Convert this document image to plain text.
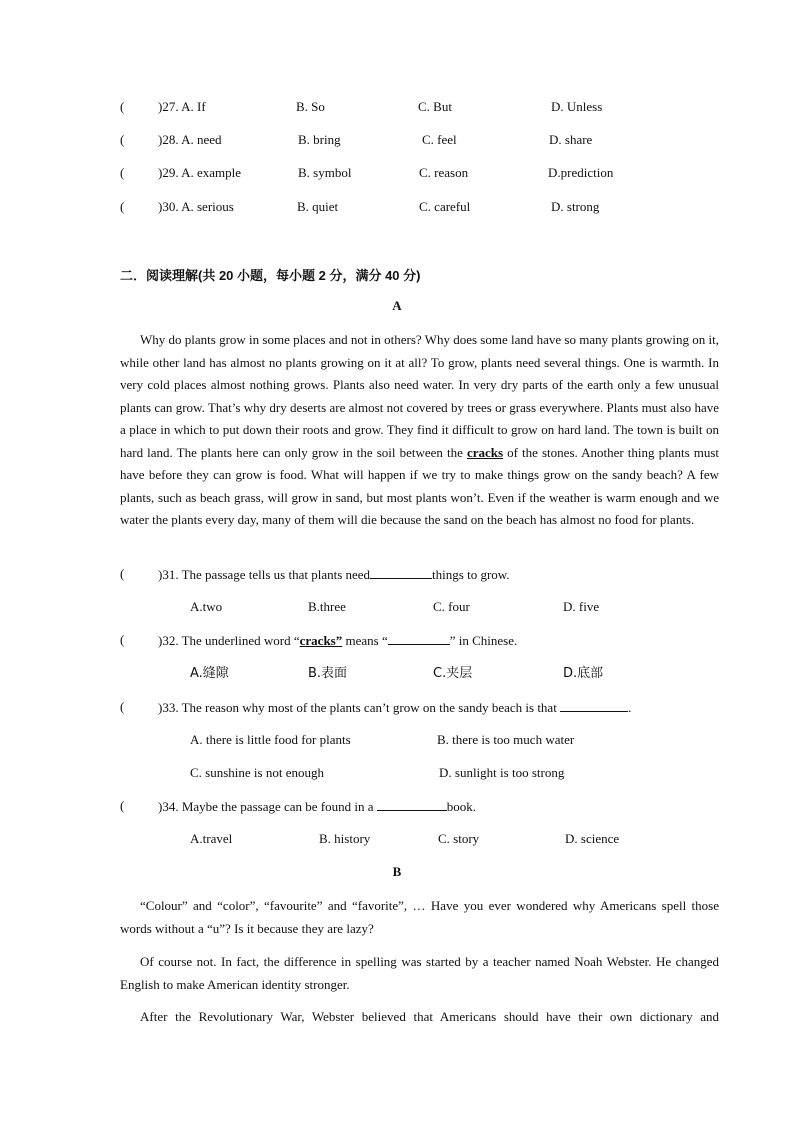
(	)27. A. If	B. So	C. But	D. Unless
(	)28. A. need	B. bring	C. feel	D. share
(	)29. A. example	B. symbol	C. reason	D.prediction
(	)30. A. serious	B. quiet	C. careful	D. strong
二．阅读理解(共 20 小题，每小题 2 分，满分 40 分)
A

Why do plants grow in some places and not in others? Why does some land have so many plants growing on it, while other land has almost no plants growing on it at all? To grow, plants need several things. One is warmth. In very cold places almost nothing grows. Plants also need water. In very dry parts of the earth only a few unusual plants can grow. That’s why dry deserts are almost not covered by trees or grass everywhere. Plants must also have a place in which to put down their roots and grow. They find it difficult to grow on hard land. The town is built on hard land. The plants here can only grow in the soil between the cracks of the stones. Another thing plants must have before they can grow is food. What will happen if we try to make things grow on the sandy beach? A few plants, such as beach grass, will grow in sand, but most plants won’t. Even if the weather is warm enough and we water the plants every day, many of them will die because the sand on the beach has almost no food for plants.

(	)31. The passage tells us that plants need	things to grow.
A.two	B.three	C. four	D. five
(	)32. The underlined word “cracks” means “	” in Chinese.
A.缝隙	B.表面	C.夹层	D.底部
(	)33. The reason why most of the plants can’t grow on the sandy beach is that	.
A. there is little food for plants	B. there is too much water
C. sunshine is not enough	D. sunlight is too strong
(	)34. Maybe the passage can be found in a	book.
A.travel	B. history	C. story	D. science
B

“Colour” and “color”, “favourite” and “favorite”, … Have you ever wondered why Americans spell those words without a “u”? Is it because they are lazy?

Of course not. In fact, the difference in spelling was started by a teacher named Noah Webster. He changed English to make American identity stronger.

After the Revolutionary War, Webster believed that Americans should have their own dictionary and
